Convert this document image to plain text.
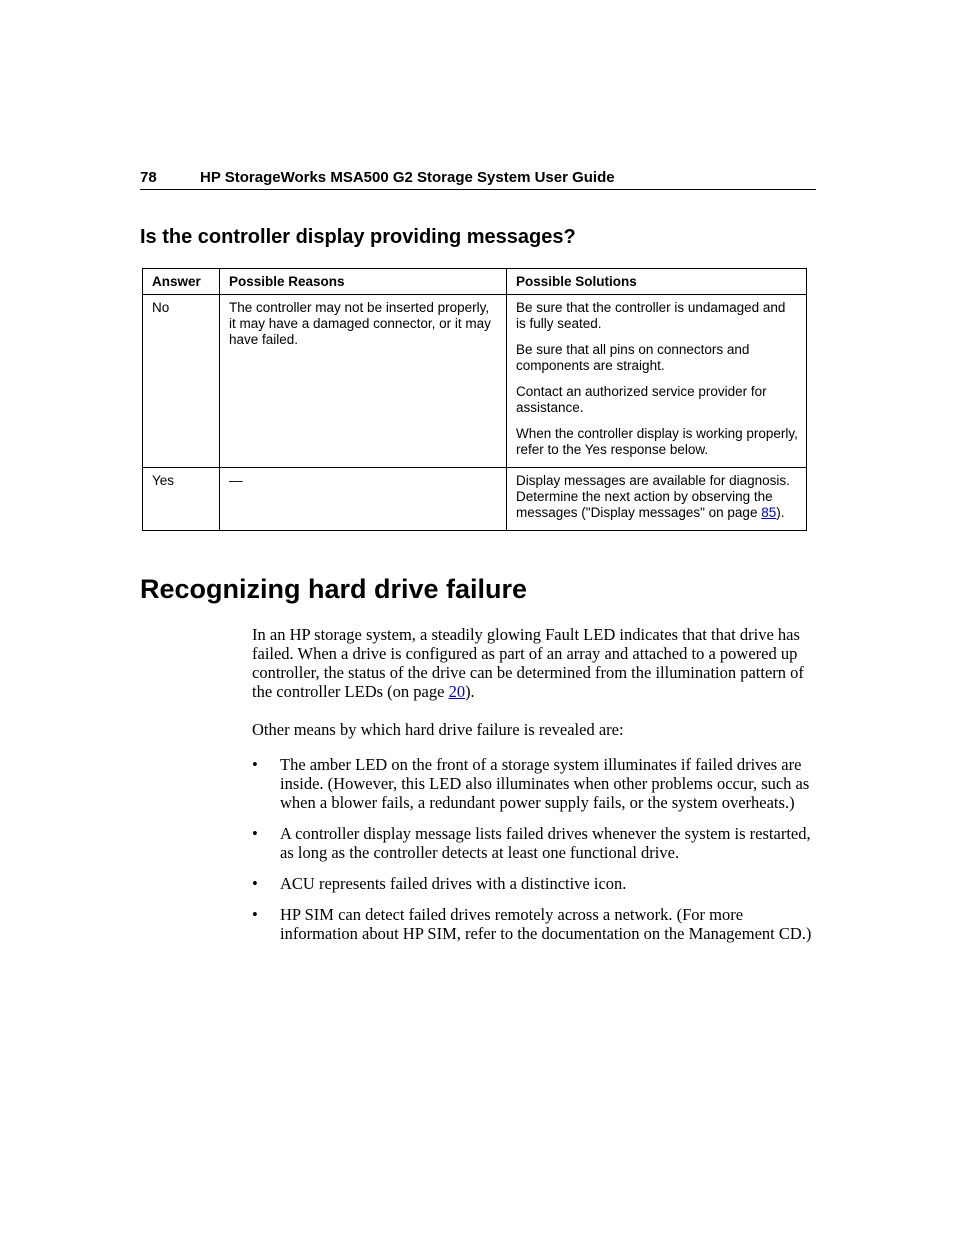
78	HP StorageWorks MSA500 G2 Storage System User Guide
Is the controller display providing messages?
Answer	Possible Reasons	Possible Solutions
No	The controller may not be inserted properly, it may have a damaged connector, or it may have failed.	Be sure that the controller is undamaged and is fully seated.
Be sure that all pins on connectors and components are straight.
Contact an authorized service provider for assistance.
When the controller display is working properly, refer to the Yes response below.

Yes	—	Display messages are available for diagnosis. Determine the next action by observing the messages ("Display messages" on page 85).
Recognizing hard drive failure
In an HP storage system, a steadily glowing Fault LED indicates that that drive has failed. When a drive is configured as part of an array and attached to a powered up controller, the status of the drive can be determined from the illumination pattern of the controller LEDs (on page 20).
Other means by which hard drive failure is revealed are:
• The amber LED on the front of a storage system illuminates if failed drives are inside. (However, this LED also illuminates when other problems occur, such as when a blower fails, a redundant power supply fails, or the system overheats.)
• A controller display message lists failed drives whenever the system is restarted, as long as the controller detects at least one functional drive.
• ACU represents failed drives with a distinctive icon.
• HP SIM can detect failed drives remotely across a network. (For more information about HP SIM, refer to the documentation on the Management CD.)
